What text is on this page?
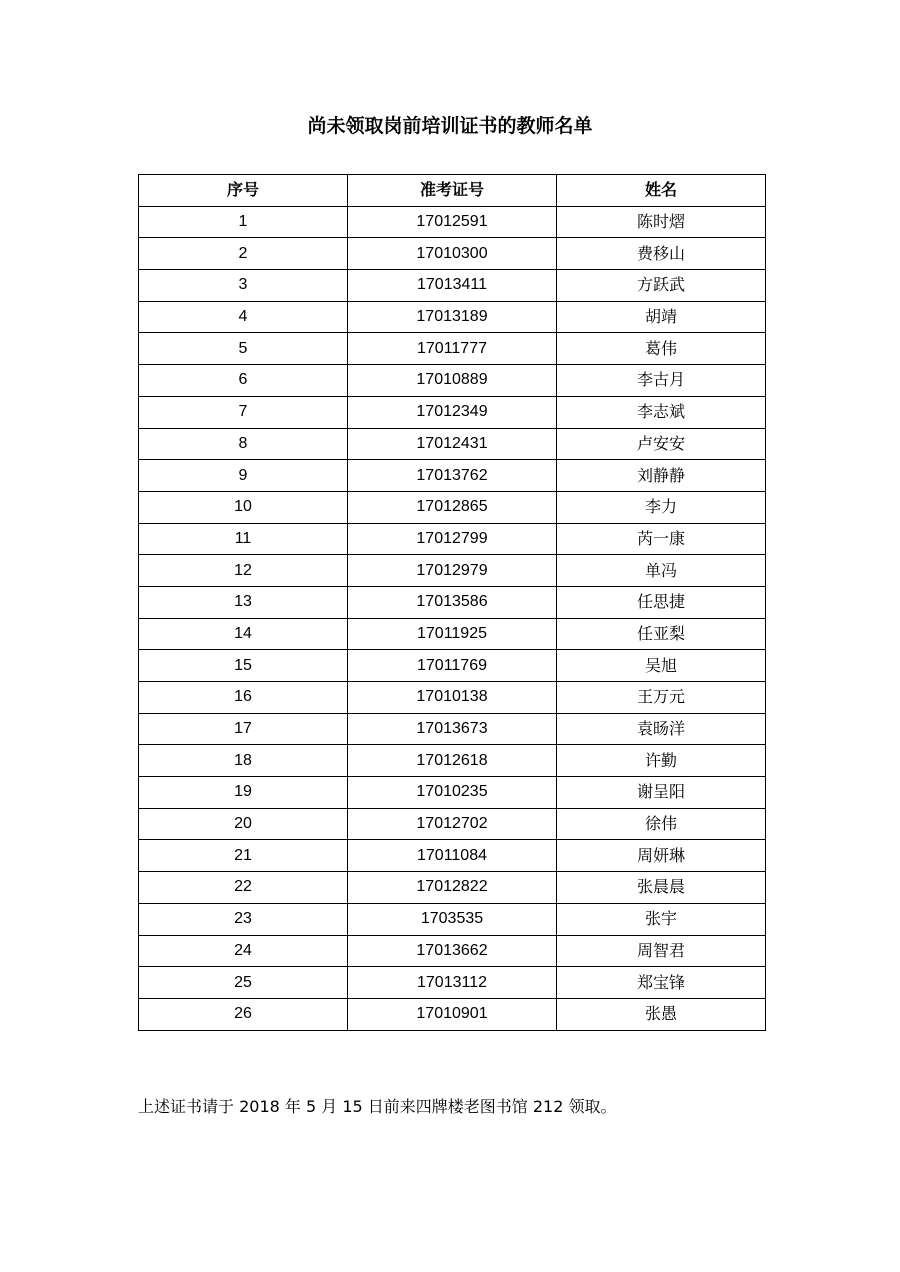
尚未领取岗前培训证书的教师名单
序号	准考证号	姓名
1	17012591	陈时熠
2	17010300	费移山
3	17013411	方跃武
4	17013189	胡靖
5	17011777	葛伟
6	17010889	李古月
7	17012349	李志斌
8	17012431	卢安安
9	17013762	刘静静
10	17012865	李力
11	17012799	芮一康
12	17012979	单冯
13	17013586	任思捷
14	17011925	任亚梨
15	17011769	吴旭
16	17010138	王万元
17	17013673	袁旸洋
18	17012618	许勤
19	17010235	谢呈阳
20	17012702	徐伟
21	17011084	周妍琳
22	17012822	张晨晨
23	1703535	张宇
24	17013662	周智君
25	17013112	郑宝锋
26	17010901	张愚

上述证书请于 2018 年 5 月 15 日前来四牌楼老图书馆 212 领取。
